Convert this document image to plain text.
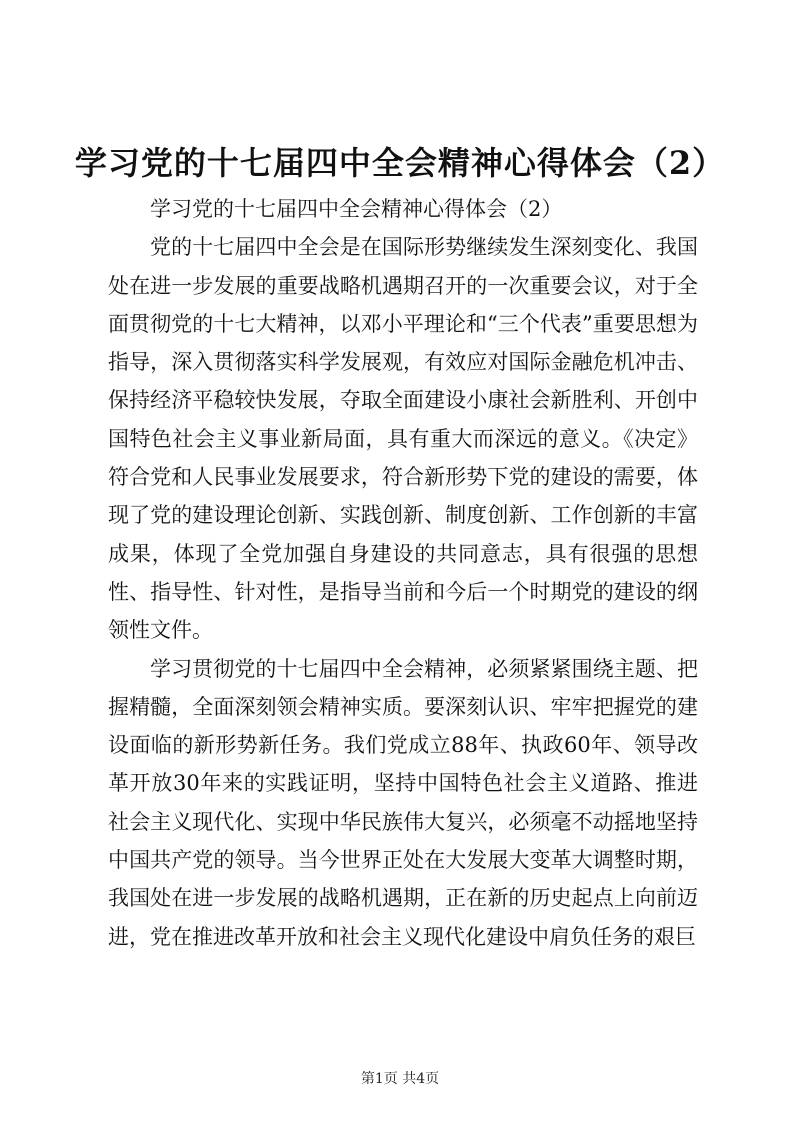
学习党的十七届四中全会精神心得体会（2）

学习党的十七届四中全会精神心得体会（2）

党的十七届四中全会是在国际形势继续发生深刻变化、我国处在进一步发展的重要战略机遇期召开的一次重要会议，对于全面贯彻党的十七大精神，以邓小平理论和“三个代表”重要思想为指导，深入贯彻落实科学发展观，有效应对国际金融危机冲击、保持经济平稳较快发展，夺取全面建设小康社会新胜利、开创中国特色社会主义事业新局面，具有重大而深远的意义。《决定》符合党和人民事业发展要求，符合新形势下党的建设的需要，体现了党的建设理论创新、实践创新、制度创新、工作创新的丰富成果，体现了全党加强自身建设的共同意志，具有很强的思想性、指导性、针对性，是指导当前和今后一个时期党的建设的纲领性文件。

学习贯彻党的十七届四中全会精神，必须紧紧围绕主题、把握精髓，全面深刻领会精神实质。要深刻认识、牢牢把握党的建设面临的新形势新任务。我们党成立88年、执政60年、领导改革开放30年来的实践证明，坚持中国特色社会主义道路、推进社会主义现代化、实现中华民族伟大复兴，必须毫不动摇地坚持中国共产党的领导。当今世界正处在大发展大变革大调整时期，我国处在进一步发展的战略机遇期，正在新的历史起点上向前迈进，党在推进改革开放和社会主义现代化建设中肩负任务的艰巨

第1页 共4页
